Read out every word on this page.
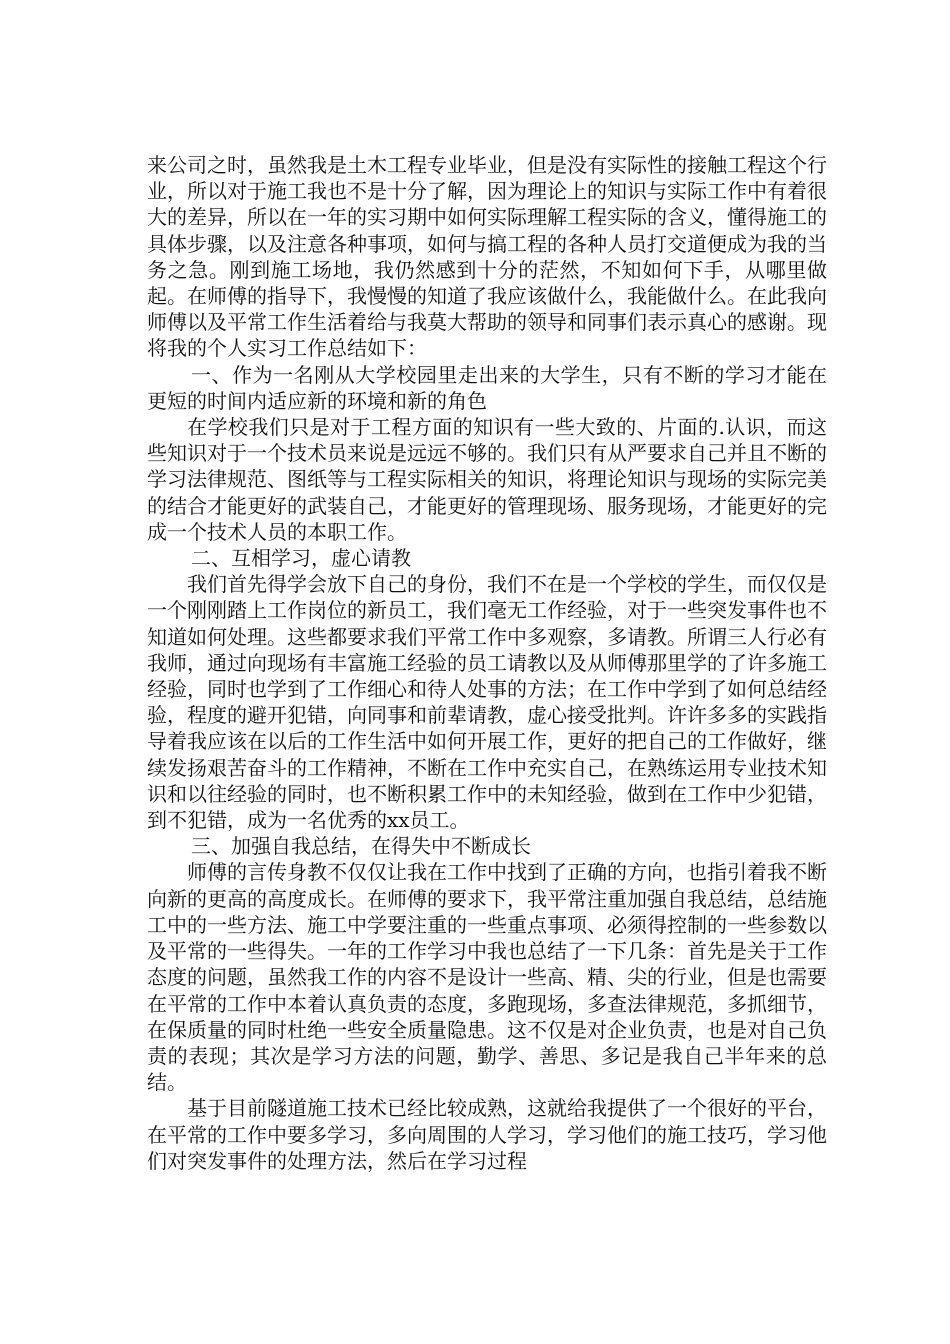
来公司之时，虽然我是土木工程专业毕业，但是没有实际性的接触工程这个行业，所以对于施工我也不是十分了解，因为理论上的知识与实际工作中有着很大的差异，所以在一年的实习期中如何实际理解工程实际的含义，懂得施工的具体步骤，以及注意各种事项，如何与搞工程的各种人员打交道便成为我的当务之急。刚到施工场地，我仍然感到十分的茫然，不知如何下手，从哪里做起。在师傅的指导下，我慢慢的知道了我应该做什么，我能做什么。在此我向师傅以及平常工作生活着给与我莫大帮助的领导和同事们表示真心的感谢。现将我的个人实习工作总结如下：

一、作为一名刚从大学校园里走出来的大学生，只有不断的学习才能在更短的时间内适应新的环境和新的角色

在学校我们只是对于工程方面的知识有一些大致的、片面的.认识，而这些知识对于一个技术员来说是远远不够的。我们只有从严要求自己并且不断的学习法律规范、图纸等与工程实际相关的知识，将理论知识与现场的实际完美的结合才能更好的武装自己，才能更好的管理现场、服务现场，才能更好的完成一个技术人员的本职工作。

二、互相学习，虚心请教

我们首先得学会放下自己的身份，我们不在是一个学校的学生，而仅仅是一个刚刚踏上工作岗位的新员工，我们毫无工作经验，对于一些突发事件也不知道如何处理。这些都要求我们平常工作中多观察，多请教。所谓三人行必有我师，通过向现场有丰富施工经验的员工请教以及从师傅那里学的了许多施工经验，同时也学到了工作细心和待人处事的方法；在工作中学到了如何总结经验，程度的避开犯错，向同事和前辈请教，虚心接受批判。许许多多的实践指导着我应该在以后的工作生活中如何开展工作，更好的把自己的工作做好，继续发扬艰苦奋斗的工作精神，不断在工作中充实自己，在熟练运用专业技术知识和以往经验的同时，也不断积累工作中的未知经验，做到在工作中少犯错，到不犯错，成为一名优秀的xx员工。

三、加强自我总结，在得失中不断成长

师傅的言传身教不仅仅让我在工作中找到了正确的方向，也指引着我不断向新的更高的高度成长。在师傅的要求下，我平常注重加强自我总结，总结施工中的一些方法、施工中学要注重的一些重点事项、必须得控制的一些参数以及平常的一些得失。一年的工作学习中我也总结了一下几条：首先是关于工作态度的问题，虽然我工作的内容不是设计一些高、精、尖的行业，但是也需要在平常的工作中本着认真负责的态度，多跑现场，多查法律规范，多抓细节，在保质量的同时杜绝一些安全质量隐患。这不仅是对企业负责，也是对自己负责的表现；其次是学习方法的问题，勤学、善思、多记是我自己半年来的总结。

基于目前隧道施工技术已经比较成熟，这就给我提供了一个很好的平台，在平常的工作中要多学习，多向周围的人学习，学习他们的施工技巧，学习他们对突发事件的处理方法，然后在学习过程
